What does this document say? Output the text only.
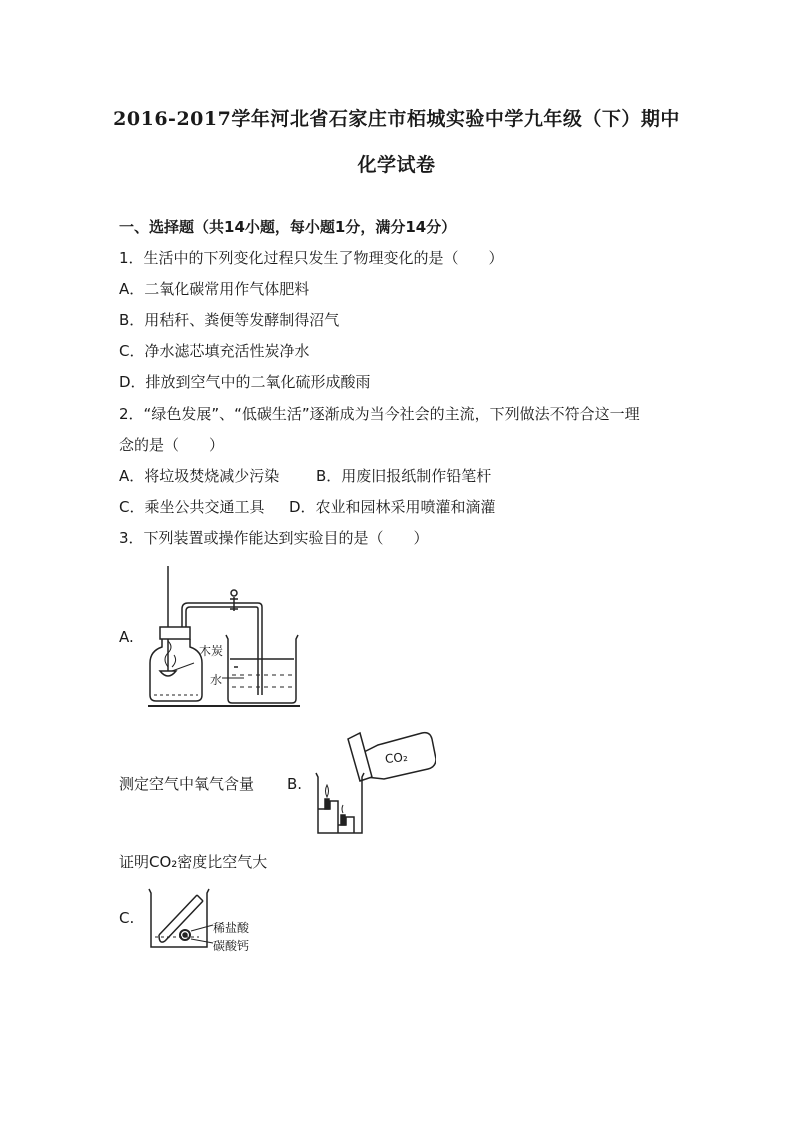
2016-2017学年河北省石家庄市栢城实验中学九年级（下）期中
化学试卷
一、选择题（共14小题，每小题1分，满分14分）
1．生活中的下列变化过程只发生了物理变化的是（　　）
A．二氧化碳常用作气体肥料
B．用秸秆、粪便等发酵制得沼气
C．净水滤芯填充活性炭净水
D．排放到空气中的二氧化硫形成酸雨
2．“绿色发展”、“低碳生活”逐渐成为当今社会的主流，下列做法不符合这一理
念的是（　　）
A．将垃圾焚烧减少污染 B．用废旧报纸制作铅笔杆
C．乘坐公共交通工具 D．农业和园林采用喷灌和滴灌
3．下列装置或操作能达到实验目的是（　　）
A.
木炭
水
测定空气中氧气含量 B.
CO₂
证明CO₂密度比空气大
C.
稀盐酸
碳酸钙
